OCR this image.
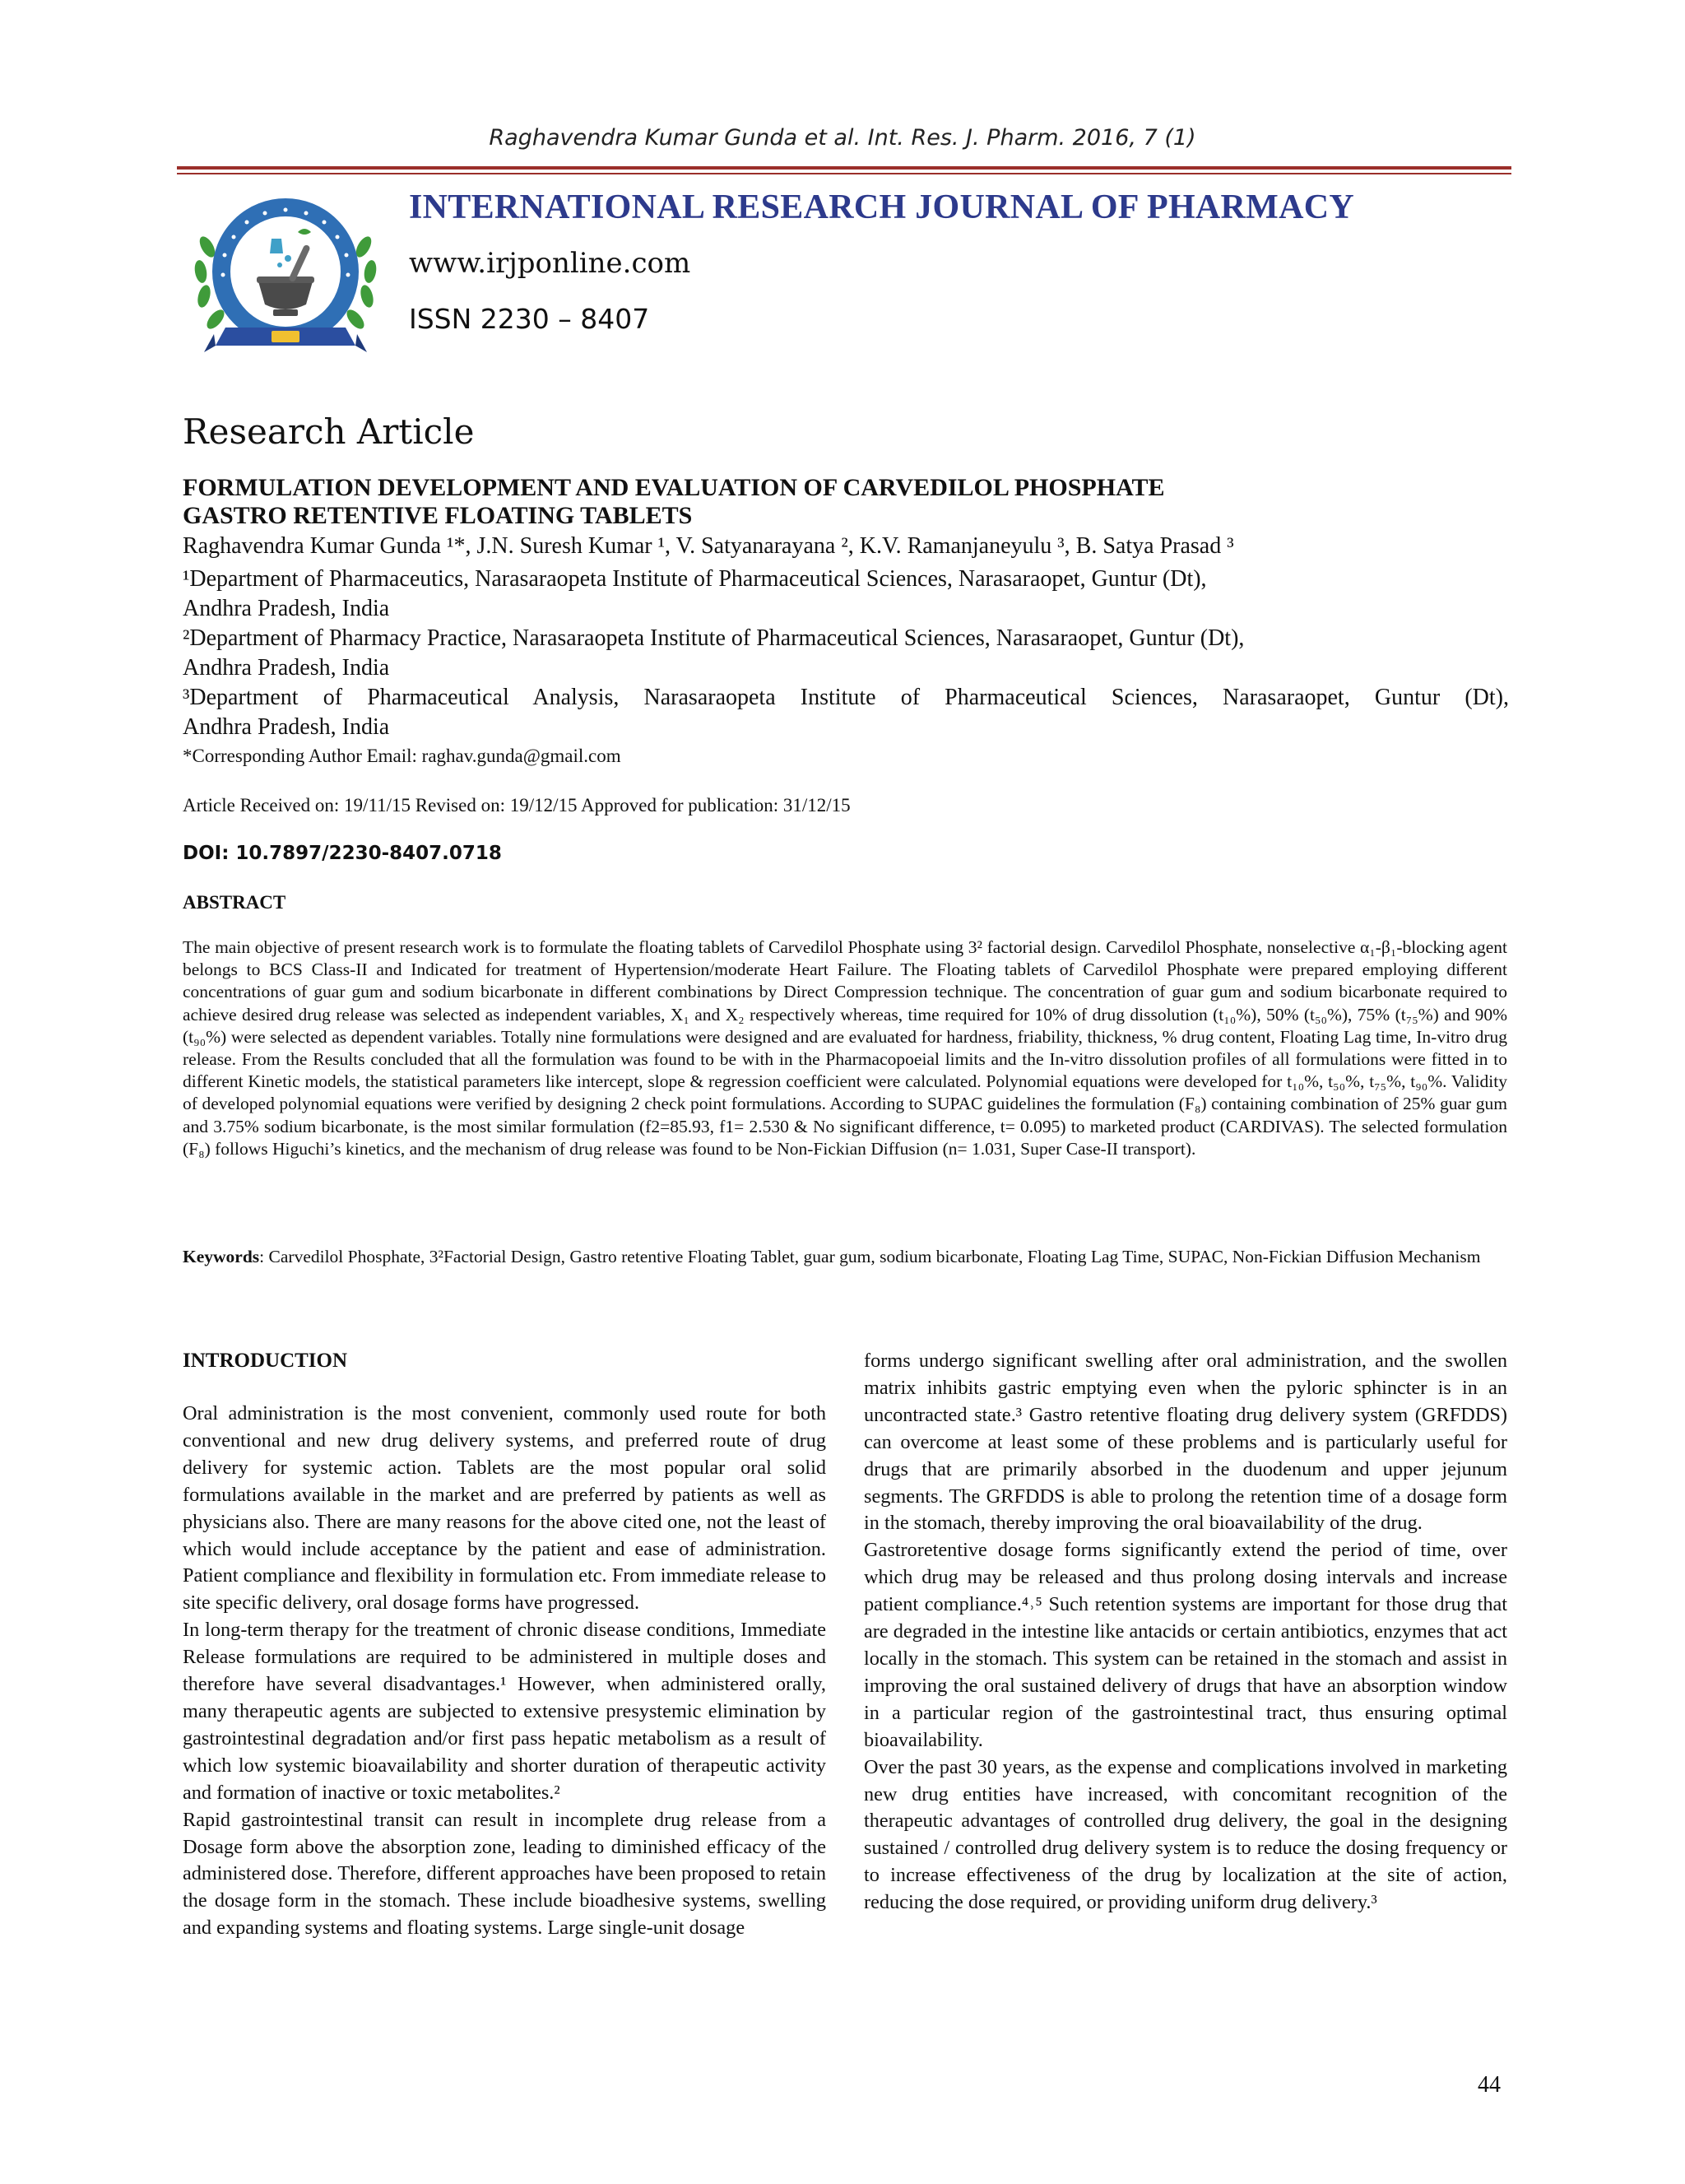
Raghavendra Kumar Gunda et al. Int. Res. J. Pharm. 2016, 7 (1)
INTERNATIONAL RESEARCH JOURNAL OF PHARMACY
www.irjponline.com
ISSN 2230 – 8407
Research Article
FORMULATION DEVELOPMENT AND EVALUATION OF CARVEDILOL PHOSPHATE
GASTRO RETENTIVE FLOATING TABLETS
Raghavendra Kumar Gunda ¹*, J.N. Suresh Kumar ¹, V. Satyanarayana ², K.V. Ramanjaneyulu ³, B. Satya Prasad ³
¹Department of Pharmaceutics, Narasaraopeta Institute of Pharmaceutical Sciences, Narasaraopet, Guntur (Dt),
Andhra Pradesh, India
²Department of Pharmacy Practice, Narasaraopeta Institute of Pharmaceutical Sciences, Narasaraopet, Guntur (Dt),
Andhra Pradesh, India
³Department of Pharmaceutical Analysis, Narasaraopeta Institute of Pharmaceutical Sciences, Narasaraopet, Guntur (Dt),
Andhra Pradesh, India
*Corresponding Author Email: raghav.gunda@gmail.com
Article Received on: 19/11/15 Revised on: 19/12/15 Approved for publication: 31/12/15
DOI: 10.7897/2230-8407.0718
ABSTRACT
The main objective of present research work is to formulate the floating tablets of Carvedilol Phosphate using 3² factorial design. Carvedilol Phosphate, nonselective α₁-β₁-blocking agent belongs to BCS Class-II and Indicated for treatment of Hypertension/moderate Heart Failure. The Floating tablets of Carvedilol Phosphate were prepared employing different concentrations of guar gum and sodium bicarbonate in different combinations by Direct Compression technique. The concentration of guar gum and sodium bicarbonate required to achieve desired drug release was selected as independent variables, X₁ and X₂ respectively whereas, time required for 10% of drug dissolution (t₁₀%), 50% (t₅₀%), 75% (t₇₅%) and 90% (t₉₀%) were selected as dependent variables. Totally nine formulations were designed and are evaluated for hardness, friability, thickness, % drug content, Floating Lag time, In-vitro drug release. From the Results concluded that all the formulation was found to be with in the Pharmacopoeial limits and the In-vitro dissolution profiles of all formulations were fitted in to different Kinetic models, the statistical parameters like intercept, slope & regression coefficient were calculated. Polynomial equations were developed for t₁₀%, t₅₀%, t₇₅%, t₉₀%. Validity of developed polynomial equations were verified by designing 2 check point formulations. According to SUPAC guidelines the formulation (F₈) containing combination of 25% guar gum and 3.75% sodium bicarbonate, is the most similar formulation (f2=85.93, f1= 2.530 & No significant difference, t= 0.095) to marketed product (CARDIVAS). The selected formulation (F₈) follows Higuchi’s kinetics, and the mechanism of drug release was found to be Non-Fickian Diffusion (n= 1.031, Super Case-II transport).
Keywords: Carvedilol Phosphate, 3²Factorial Design, Gastro retentive Floating Tablet, guar gum, sodium bicarbonate, Floating Lag Time, SUPAC, Non-Fickian Diffusion Mechanism
INTRODUCTION

Oral administration is the most convenient, commonly used route for both conventional and new drug delivery systems, and preferred route of drug delivery for systemic action. Tablets are the most popular oral solid formulations available in the market and are preferred by patients as well as physicians also. There are many reasons for the above cited one, not the least of which would include acceptance by the patient and ease of administration. Patient compliance and flexibility in formulation etc. From immediate release to site specific delivery, oral dosage forms have progressed.

In long-term therapy for the treatment of chronic disease conditions, Immediate Release formulations are required to be administered in multiple doses and therefore have several disadvantages.¹ However, when administered orally, many therapeutic agents are subjected to extensive presystemic elimination by gastrointestinal degradation and/or first pass hepatic metabolism as a result of which low systemic bioavailability and shorter duration of therapeutic activity and formation of inactive or toxic metabolites.²

Rapid gastrointestinal transit can result in incomplete drug release from a Dosage form above the absorption zone, leading to diminished efficacy of the administered dose. Therefore, different approaches have been proposed to retain the dosage form in the stomach. These include bioadhesive systems, swelling and expanding systems and floating systems. Large single-unit dosage

forms undergo significant swelling after oral administration, and the swollen matrix inhibits gastric emptying even when the pyloric sphincter is in an uncontracted state.³ Gastro retentive floating drug delivery system (GRFDDS) can overcome at least some of these problems and is particularly useful for drugs that are primarily absorbed in the duodenum and upper jejunum segments. The GRFDDS is able to prolong the retention time of a dosage form in the stomach, thereby improving the oral bioavailability of the drug.

Gastroretentive dosage forms significantly extend the period of time, over which drug may be released and thus prolong dosing intervals and increase patient compliance.⁴˒⁵ Such retention systems are important for those drug that are degraded in the intestine like antacids or certain antibiotics, enzymes that act locally in the stomach. This system can be retained in the stomach and assist in improving the oral sustained delivery of drugs that have an absorption window in a particular region of the gastrointestinal tract, thus ensuring optimal bioavailability.

Over the past 30 years, as the expense and complications involved in marketing new drug entities have increased, with concomitant recognition of the therapeutic advantages of controlled drug delivery, the goal in the designing sustained / controlled drug delivery system is to reduce the dosing frequency or to increase effectiveness of the drug by localization at the site of action, reducing the dose required, or providing uniform drug delivery.³

44
